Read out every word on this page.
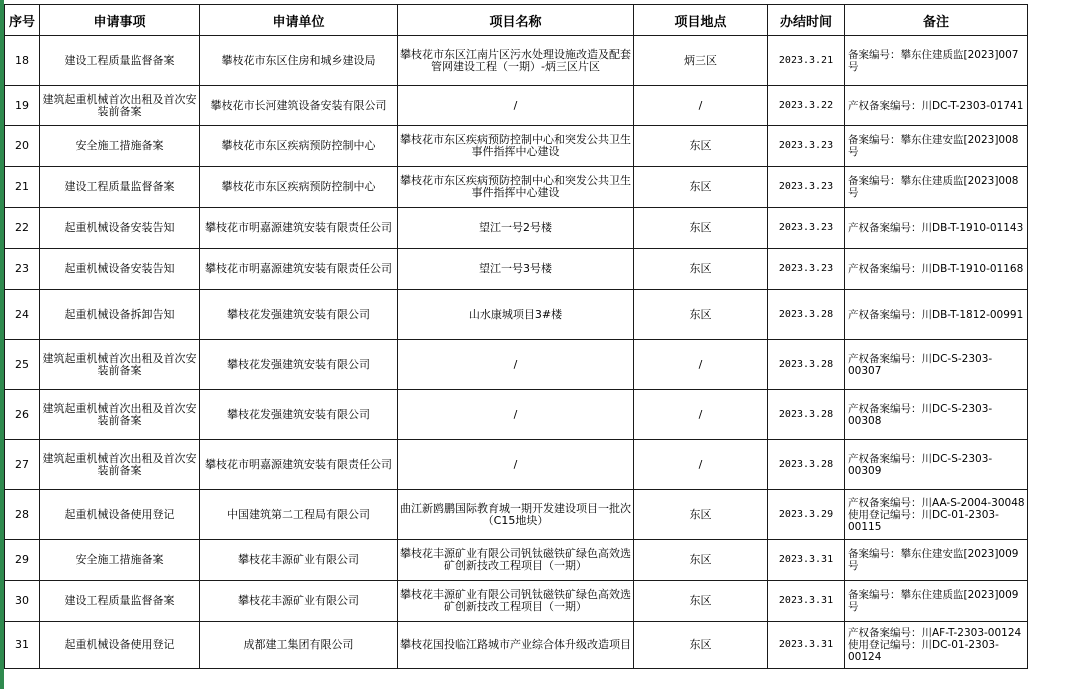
序号	申请事项	申请单位	项目名称	项目地点	办结时间	备注
18	建设工程质量监督备案	攀枝花市东区住房和城乡建设局	攀枝花市东区江南片区污水处理设施改造及配套管网建设工程（一期）-炳三区片区	炳三区	2023.3.21	备案编号：攀东住建质监[2023]007号
19	建筑起重机械首次出租及首次安装前备案	攀枝花市长河建筑设备安装有限公司	/	/	2023.3.22	产权备案编号：川DC-T-2303-01741
20	安全施工措施备案	攀枝花市东区疾病预防控制中心	攀枝花市东区疾病预防控制中心和突发公共卫生事件指挥中心建设	东区	2023.3.23	备案编号：攀东住建安监[2023]008号
21	建设工程质量监督备案	攀枝花市东区疾病预防控制中心	攀枝花市东区疾病预防控制中心和突发公共卫生事件指挥中心建设	东区	2023.3.23	备案编号：攀东住建质监[2023]008号
22	起重机械设备安装告知	攀枝花市明嘉源建筑安装有限责任公司	望江一号2号楼	东区	2023.3.23	产权备案编号：川DB-T-1910-01143
23	起重机械设备安装告知	攀枝花市明嘉源建筑安装有限责任公司	望江一号3号楼	东区	2023.3.23	产权备案编号：川DB-T-1910-01168
24	起重机械设备拆卸告知	攀枝花发强建筑安装有限公司	山水康城项目3#楼	东区	2023.3.28	产权备案编号：川DB-T-1812-00991
25	建筑起重机械首次出租及首次安装前备案	攀枝花发强建筑安装有限公司	/	/	2023.3.28	产权备案编号：川DC-S-2303-00307
26	建筑起重机械首次出租及首次安装前备案	攀枝花发强建筑安装有限公司	/	/	2023.3.28	产权备案编号：川DC-S-2303-00308
27	建筑起重机械首次出租及首次安装前备案	攀枝花市明嘉源建筑安装有限责任公司	/	/	2023.3.28	产权备案编号：川DC-S-2303-00309
28	起重机械设备使用登记	中国建筑第二工程局有限公司	曲江新鸥鹏国际教育城一期开发建设项目一批次（C15地块）	东区	2023.3.29	产权备案编号：川AA-S-2004-30048
使用登记编号：川DC-01-2303-00115
29	安全施工措施备案	攀枝花丰源矿业有限公司	攀枝花丰源矿业有限公司钒钛磁铁矿绿色高效选矿创新技改工程项目（一期）	东区	2023.3.31	备案编号：攀东住建安监[2023]009号
30	建设工程质量监督备案	攀枝花丰源矿业有限公司	攀枝花丰源矿业有限公司钒钛磁铁矿绿色高效选矿创新技改工程项目（一期）	东区	2023.3.31	备案编号：攀东住建质监[2023]009号
31	起重机械设备使用登记	成都建工集团有限公司	攀枝花国投临江路城市产业综合体升级改造项目	东区	2023.3.31	产权备案编号：川AF-T-2303-00124
使用登记编号：川DC-01-2303-00124
